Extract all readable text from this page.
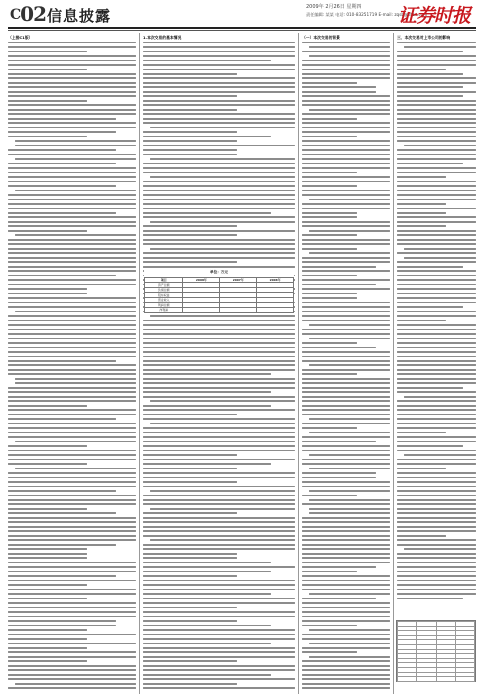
C02 信息披露	2009年 2月26日 星期四
责任编辑: 某某 电话: 010-83251719 E-mail: zqsb@stcn.com
证券时报
（上接C1版）	1.本次交易的基本情况
单位：万元
项目	2008年	2007年	2006年
资产总额			
负债总额			
股东权益			
营业收入			
利润总额			
净利润			
（一）本次交易的背景	三、本次交易对上市公司的影响
